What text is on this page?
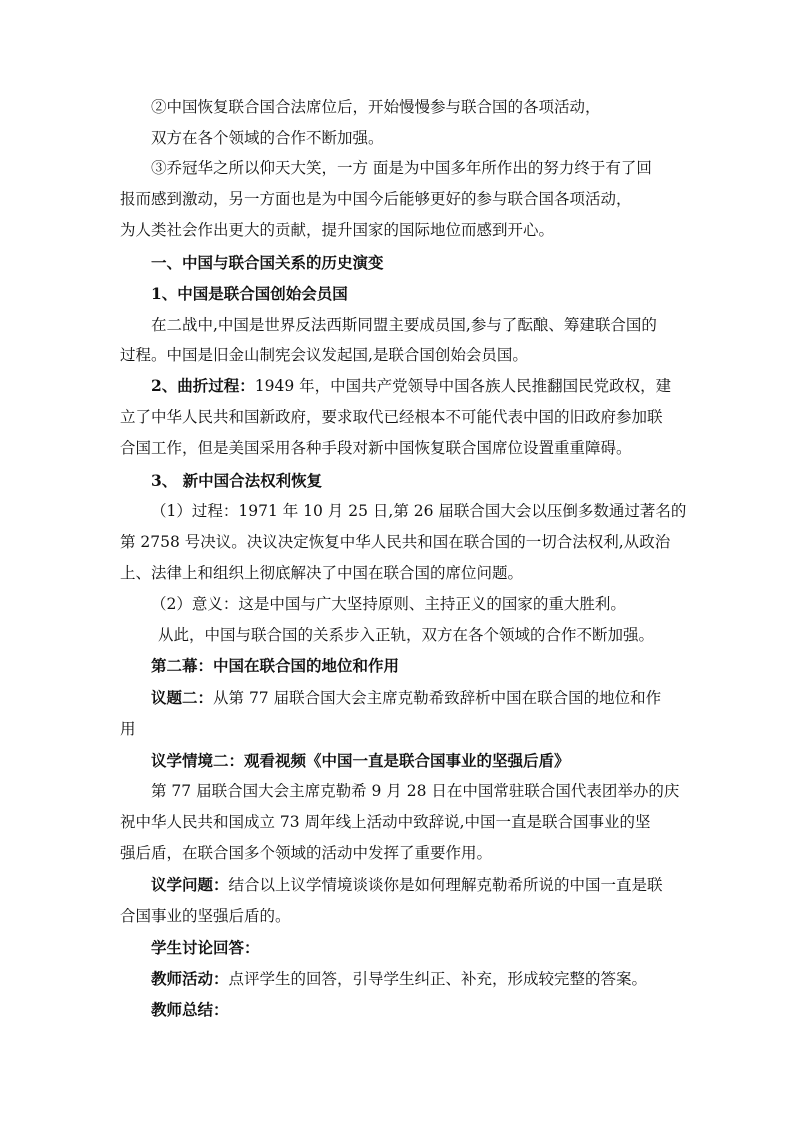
②中国恢复联合国合法席位后，开始慢慢参与联合国的各项活动，
双方在各个领域的合作不断加强。
③乔冠华之所以仰天大笑，一方 面是为中国多年所作出的努力终于有了回
报而感到激动，另一方面也是为中国今后能够更好的参与联合国各项活动，
为人类社会作出更大的贡献，提升国家的国际地位而感到开心。
一、中国与联合国关系的历史演变
1、中国是联合国创始会员国
在二战中,中国是世界反法西斯同盟主要成员国,参与了酝酿、筹建联合国的
过程。中国是旧金山制宪会议发起国,是联合国创始会员国。
2、曲折过程：1949 年，中国共产党领导中国各族人民推翻国民党政权，建
立了中华人民共和国新政府，要求取代已经根本不可能代表中国的旧政府参加联
合国工作，但是美国采用各种手段对新中国恢复联合国席位设置重重障碍。
3、 新中国合法权利恢复
（1）过程：1971 年 10 月 25 日,第 26 届联合国大会以压倒多数通过著名的
第 2758 号决议。决议决定恢复中华人民共和国在联合国的一切合法权利,从政治
上、法律上和组织上彻底解决了中国在联合国的席位问题。
（2）意义：这是中国与广大坚持原则、主持正义的国家的重大胜利。
从此，中国与联合国的关系步入正轨，双方在各个领域的合作不断加强。
第二幕：中国在联合国的地位和作用
议题二：从第 77 届联合国大会主席克勒希致辞析中国在联合国的地位和作
用
议学情境二：观看视频《中国一直是联合国事业的坚强后盾》
第 77 届联合国大会主席克勒希 9 月 28 日在中国常驻联合国代表团举办的庆
祝中华人民共和国成立 73 周年线上活动中致辞说,中国一直是联合国事业的坚
强后盾，在联合国多个领域的活动中发挥了重要作用。
议学问题：结合以上议学情境谈谈你是如何理解克勒希所说的中国一直是联
合国事业的坚强后盾的。
学生讨论回答：
教师活动：点评学生的回答，引导学生纠正、补充，形成较完整的答案。
教师总结：
